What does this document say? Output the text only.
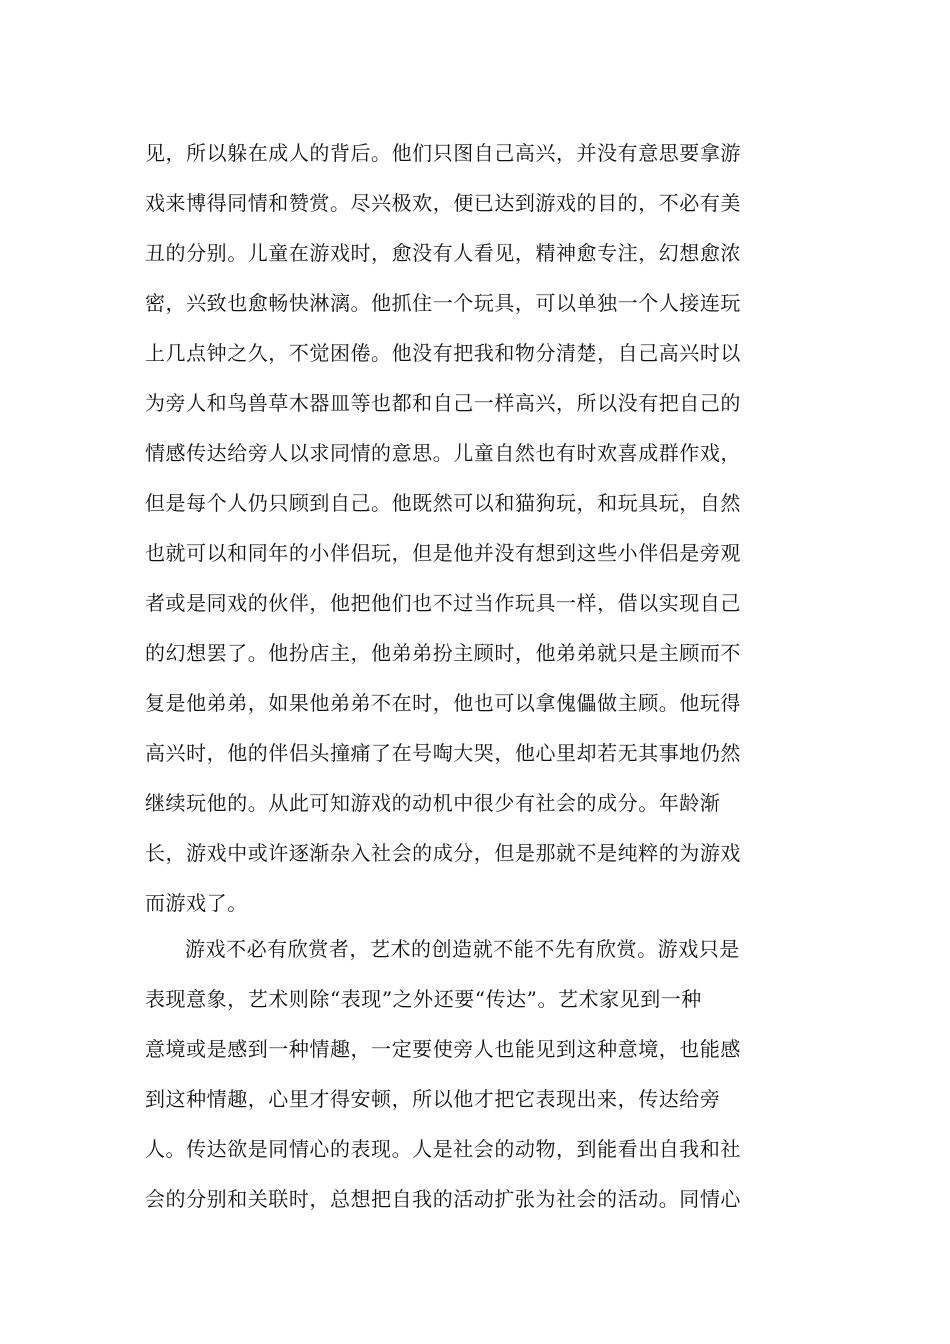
见，所以躲在成人的背后。他们只图自己高兴，并没有意思要拿游
戏来博得同情和赞赏。尽兴极欢，便已达到游戏的目的，不必有美
丑的分别。儿童在游戏时，愈没有人看见，精神愈专注，幻想愈浓
密，兴致也愈畅快淋漓。他抓住一个玩具，可以单独一个人接连玩
上几点钟之久，不觉困倦。他没有把我和物分清楚，自己高兴时以
为旁人和鸟兽草木器皿等也都和自己一样高兴，所以没有把自己的
情感传达给旁人以求同情的意思。儿童自然也有时欢喜成群作戏，
但是每个人仍只顾到自己。他既然可以和猫狗玩，和玩具玩，自然
也就可以和同年的小伴侣玩，但是他并没有想到这些小伴侣是旁观
者或是同戏的伙伴，他把他们也不过当作玩具一样，借以实现自己
的幻想罢了。他扮店主，他弟弟扮主顾时，他弟弟就只是主顾而不
复是他弟弟，如果他弟弟不在时，他也可以拿傀儡做主顾。他玩得
高兴时，他的伴侣头撞痛了在号啕大哭，他心里却若无其事地仍然
继续玩他的。从此可知游戏的动机中很少有社会的成分。年龄渐
长，游戏中或许逐渐杂入社会的成分，但是那就不是纯粹的为游戏
而游戏了。
游戏不必有欣赏者，艺术的创造就不能不先有欣赏。游戏只是
表现意象，艺术则除“表现”之外还要“传达”。艺术家见到一种
意境或是感到一种情趣，一定要使旁人也能见到这种意境，也能感
到这种情趣，心里才得安顿，所以他才把它表现出来，传达给旁
人。传达欲是同情心的表现。人是社会的动物，到能看出自我和社
会的分别和关联时，总想把自我的活动扩张为社会的活动。同情心
